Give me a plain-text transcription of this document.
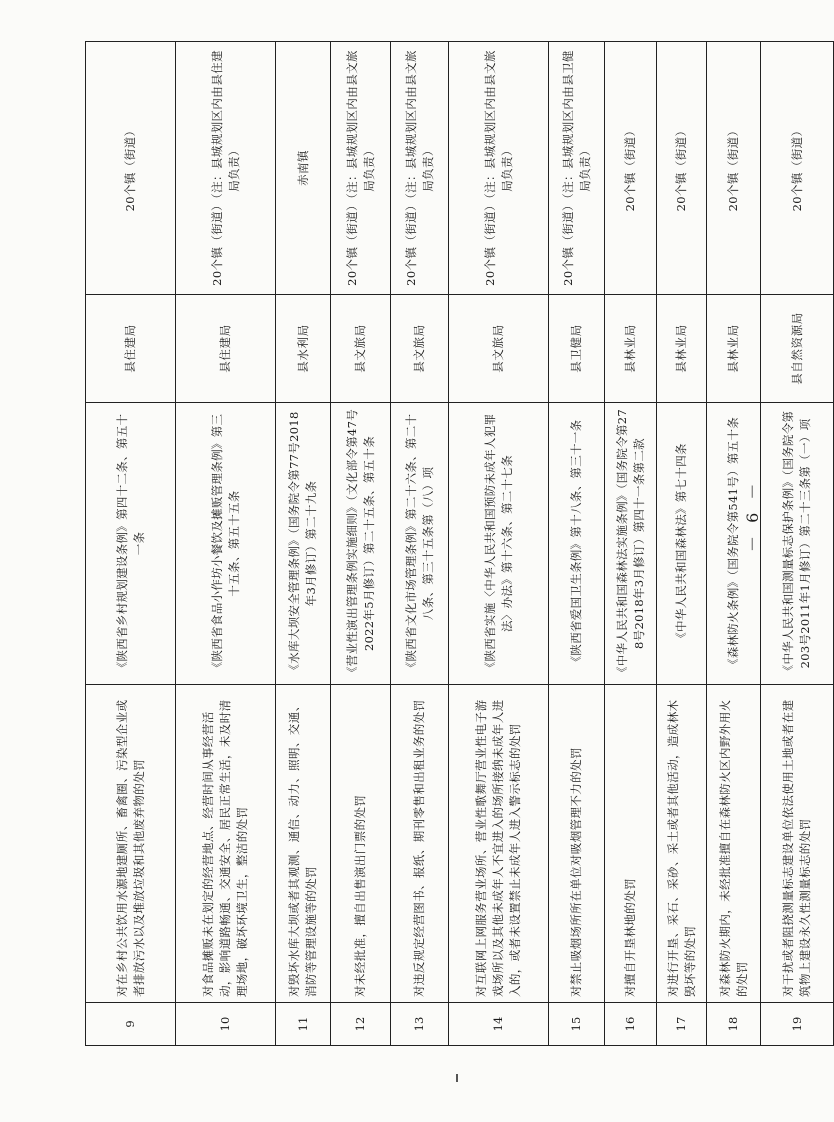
9	对在乡村公共饮用水源地建厕所、畜禽圈、污染型企业或者排放污水以及堆放垃圾和其他废弃物的处罚	《陕西省乡村规划建设条例》第四十二条、第五十一条	县住建局	20个镇（街道）
10	对食品摊贩未在划定的经营地点、经营时间从事经营活动，影响道路畅通、交通安全、居民正常生活，未及时清理场地，破坏环境卫生，整洁的处罚	《陕西省食品小作坊小餐饮及摊贩管理条例》第三十五条、第五十五条	县住建局	20个镇（街道）（注：县城规划区内由县住建局负责）
11	对毁坏水库大坝或者其观测、通信、动力、照明、交通、消防等管理设施等的处罚	《水库大坝安全管理条例》（国务院令第77号2018年3月修订）第二十九条	县水利局	赤南镇
12	对未经批准，擅自出售演出门票的处罚	《营业性演出管理条例实施细则》（文化部令第47号2022年5月修订）第二十五条、第五十条	县文旅局	20个镇（街道）（注：县城规划区内由县文旅局负责）
13	对违反规定经营图书、报纸、期刊零售和出租业务的处罚	《陕西省文化市场管理条例》第二十六条、第二十八条、第三十五条第（八）项	县文旅局	20个镇（街道）（注：县城规划区内由县文旅局负责）
14	对互联网上网服务营业场所、营业性歌舞厅营业性电子游戏场所以及其他未成年人不宜进入的场所接纳未成年人进入的，或者未设置禁止未成年人进入警示标志的处罚	《陕西省实施〈中华人民共和国预防未成年人犯罪法〉办法》第十六条、第二十七条	县文旅局	20个镇（街道）（注：县城规划区内由县文旅局负责）
15	对禁止吸烟场所所在单位对吸烟管理不力的处罚	《陕西省爱国卫生条例》第十八条、第三十一条	县卫健局	20个镇（街道）（注：县城规划区内由县卫健局负责）
16	对擅自开垦林地的处罚	《中华人民共和国森林法实施条例》（国务院令第278号2018年3月修订）第四十一条第二款	县林业局	20个镇（街道）
17	对进行开垦、采石、采砂、采土或者其他活动，造成林木毁坏等的处罚	《中华人民共和国森林法》第七十四条	县林业局	20个镇（街道）
18	对森林防火期内，未经批准擅自在森林防火区内野外用火的处罚	《森林防火条例》（国务院令第541号）第五十条	县林业局	20个镇（街道）
19	对干扰或者阻挠测量标志建设单位依法使用土地或者在建筑物上建设永久性测量标志的处罚	《中华人民共和国测量标志保护条例》（国务院令第203号2011年1月修订）第二十三条第（一）项	县自然资源局	20个镇（街道）
－ 6 －
